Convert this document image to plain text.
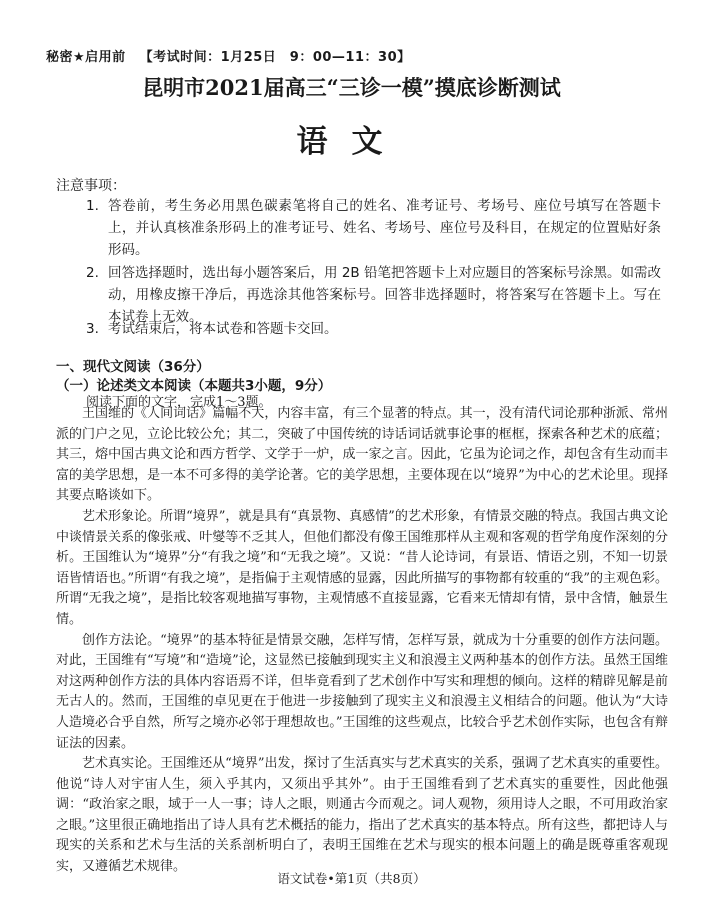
秘密★启用前 【考试时间：1月25日　9：00—11：30】
昆明市2021届高三“三诊一模”摸底诊断测试
语文
注意事项：
1. 答卷前，考生务必用黑色碳素笔将自己的姓名、准考证号、考场号、座位号填写在答题卡上，并认真核准条形码上的准考证号、姓名、考场号、座位号及科目，在规定的位置贴好条形码。
2. 回答选择题时，选出每小题答案后，用 2B 铅笔把答题卡上对应题目的答案标号涂黑。如需改动，用橡皮擦干净后，再选涂其他答案标号。回答非选择题时，将答案写在答题卡上。写在本试卷上无效。
3. 考试结束后，将本试卷和答题卡交回。
一、现代文阅读（36分）
（一）论述类文本阅读（本题共3小题，9分）
阅读下面的文字，完成1～3题。

王国维的《人间词话》篇幅不大，内容丰富，有三个显著的特点。其一，没有清代词论那种浙派、常州派的门户之见，立论比较公允；其二，突破了中国传统的诗话词话就事论事的框框，探索各种艺术的底蕴；其三，熔中国古典文论和西方哲学、文学于一炉，成一家之言。因此，它虽为论词之作，却包含有生动而丰富的美学思想，是一本不可多得的美学论著。它的美学思想，主要体现在以“境界”为中心的艺术论里。现择其要点略谈如下。

艺术形象论。所谓“境界”，就是具有“真景物、真感情”的艺术形象，有情景交融的特点。我国古典文论中谈情景关系的像张戒、叶燮等不乏其人，但他们都没有像王国维那样从主观和客观的哲学角度作深刻的分析。王国维认为“境界”分“有我之境”和“无我之境”。又说：“昔人论诗词，有景语、情语之别，不知一切景语皆情语也。”所谓“有我之境”，是指偏于主观情感的显露，因此所描写的事物都有较重的“我”的主观色彩。所谓“无我之境”，是指比较客观地描写事物，主观情感不直接显露，它看来无情却有情，景中含情，触景生情。

创作方法论。“境界”的基本特征是情景交融，怎样写情，怎样写景，就成为十分重要的创作方法问题。对此，王国维有“写境”和“造境”论，这显然已接触到现实主义和浪漫主义两种基本的创作方法。虽然王国维对这两种创作方法的具体内容语焉不详，但毕竟看到了艺术创作中写实和理想的倾向。这样的精辟见解是前无古人的。然而，王国维的卓见更在于他进一步接触到了现实主义和浪漫主义相结合的问题。他认为“大诗人造境必合乎自然，所写之境亦必邻于理想故也。”王国维的这些观点，比较合乎艺术创作实际，也包含有辩证法的因素。

艺术真实论。王国维还从“境界”出发，探讨了生活真实与艺术真实的关系，强调了艺术真实的重要性。他说“诗人对宇宙人生，须入乎其内，又须出乎其外”。由于王国维看到了艺术真实的重要性，因此他强调：“政治家之眼，域于一人一事；诗人之眼，则通古今而观之。词人观物，须用诗人之眼，不可用政治家之眼。”这里很正确地指出了诗人具有艺术概括的能力，指出了艺术真实的基本特点。所有这些，都把诗人与现实的关系和艺术与生活的关系剖析明白了，表明王国维在艺术与现实的根本问题上的确是既尊重客观现实，又遵循艺术规律。

语文试卷•第1页（共8页）
